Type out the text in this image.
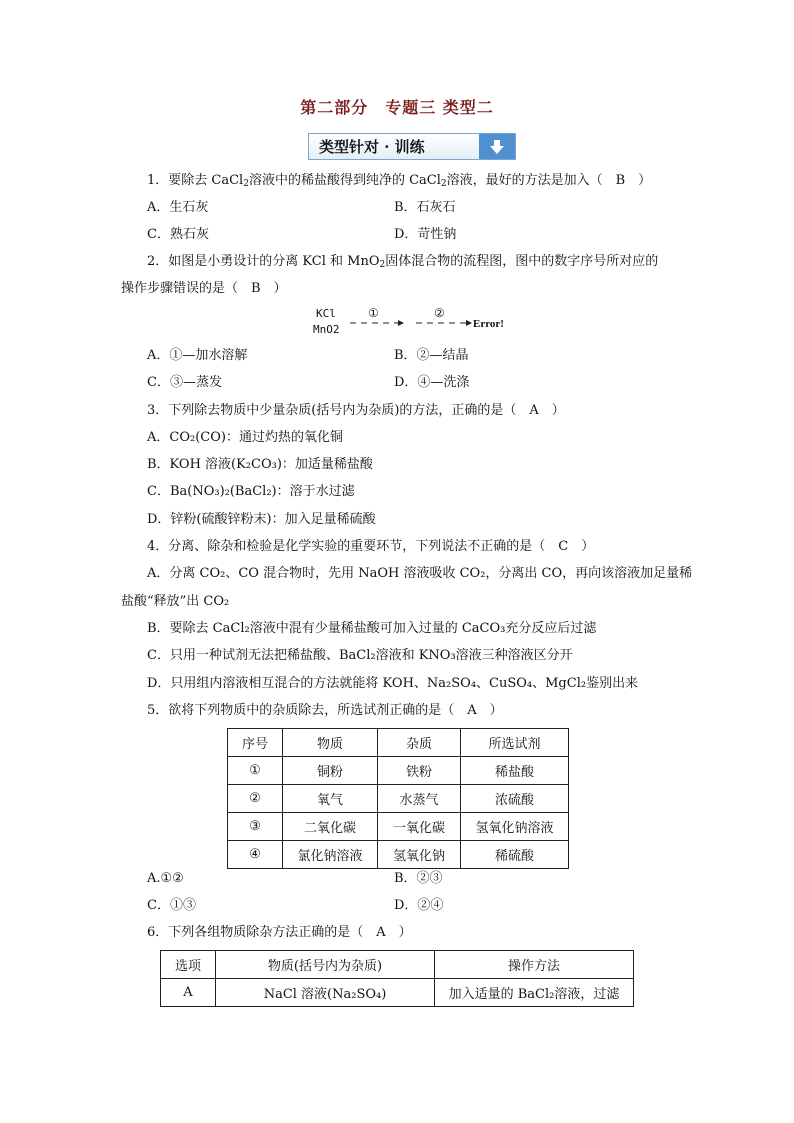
第二部分　专题三 类型二
类型针对 · 训练
1．要除去 CaCl$_2$溶液中的稀盐酸得到纯净的 CaCl$_2$溶液，最好的方法是加入（　B　）
A．生石灰	B．石灰石
C．熟石灰	D．苛性钠
2．如图是小勇设计的分离 KCl 和 MnO$_2$固体混合物的流程图，图中的数字序号所对应的
操作步骤错误的是（　B　）
KCl
MnO2
①	②
Error!
A．①—加水溶解	B．②—结晶
C．③—蒸发	D．④—洗涤
3．下列除去物质中少量杂质(括号内为杂质)的方法，正确的是（　A　）
A．CO₂(CO)：通过灼热的氧化铜
B．KOH 溶液(K₂CO₃)：加适量稀盐酸
C．Ba(NO₃)₂(BaCl₂)：溶于水过滤
D．锌粉(硫酸锌粉末)：加入足量稀硫酸
4．分离、除杂和检验是化学实验的重要环节，下列说法不正确的是（　C　）
A．分离 CO₂、CO 混合物时，先用 NaOH 溶液吸收 CO₂，分离出 CO，再向该溶液加足量稀
盐酸“释放”出 CO₂
B．要除去 CaCl₂溶液中混有少量稀盐酸可加入过量的 CaCO₃充分反应后过滤
C．只用一种试剂无法把稀盐酸、BaCl₂溶液和 KNO₃溶液三种溶液区分开
D．只用组内溶液相互混合的方法就能将 KOH、Na₂SO₄、CuSO₄、MgCl₂鉴别出来
5．欲将下列物质中的杂质除去，所选试剂正确的是（　A　）
序号	物质	杂质	所选试剂
①	铜粉	铁粉	稀盐酸
②	氧气	水蒸气	浓硫酸
③	二氧化碳	一氧化碳	氢氧化钠溶液
④	氯化钠溶液	氢氧化钠	稀硫酸
A.①②	B．②③
C．①③	D．②④
6．下列各组物质除杂方法正确的是（　A　）
选项	物质(括号内为杂质)	操作方法
A	NaCl 溶液(Na₂SO₄)	加入适量的 BaCl₂溶液，过滤
